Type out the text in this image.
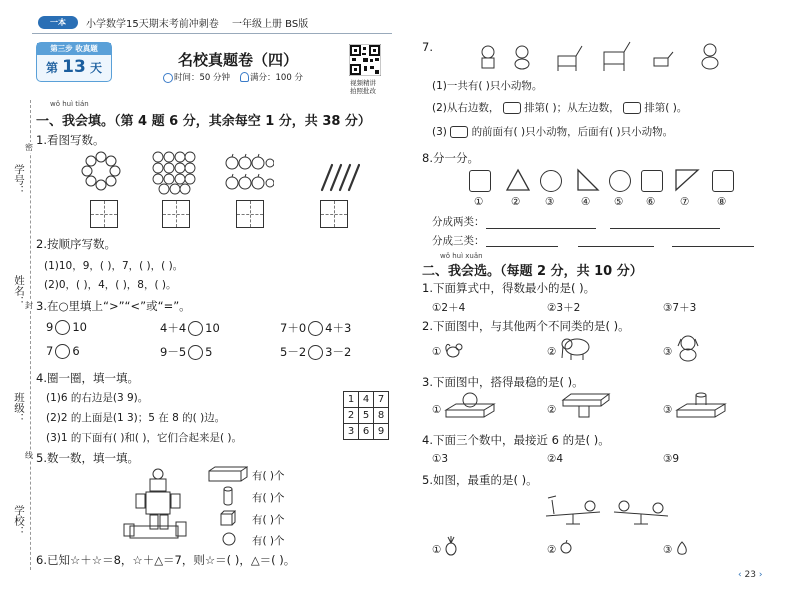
一本	小学数学15天期末考前冲刺卷 一年级上册 BS版
第三步 收真题
第 13 天	名校真题卷（四）
时间：50 分钟 满分：100 分	视频精讲
拍照批改
学号：
密
姓名： 封
班级：
线
学校：
wǒ huì tián
一、我会填。（第 4 题 6 分，其余每空 1 分，共 38 分）
1.看图写数。
2.按顺序写数。
(1)10，9，( )，7，( )，( )。
(2)0，( )，4，( )，8，( )。
3.在○里填上“>”“<”或“=”。
9 10	4＋4 10	7＋0 4＋3
7 6	9－5 5	5－2 3－2
4.圈一圈，填一填。
(1)6 的右边是(3 9)。
(2)2 的上面是(1 3)；5 在 8 的( )边。
(3)1 的下面有( )和( )，它们合起来是( )。
1	4	7
2	5	8
3	6	9
5.数一数，填一填。
有( )个
有( )个
有( )个
有( )个
6.已知☆＋☆＝8，☆＋△＝7，则☆＝( )，△＝( )。
7.
(1)一共有( )只小动物。
(2)从右边数， 排第( )；从左边数， 排第( )。
(3) 的前面有( )只小动物，后面有( )只小动物。
8.分一分。
①	② ③	④ ⑤ ⑥ ⑦	⑧
分成两类：
分成三类：
wǒ huì xuǎn
二、我会选。（每题 2 分，共 10 分）
1.下面算式中，得数最小的是( )。
①2＋4	②3＋2	③7＋3
2.下面图中，与其他两个不同类的是( )。
①	②	③
3.下面图中，搭得最稳的是( )。
①	②	③
4.下面三个数中，最接近 6 的是( )。
①3	②4	③9
5.如图，最重的是( )。
①	②	③
‹ 23 ›
